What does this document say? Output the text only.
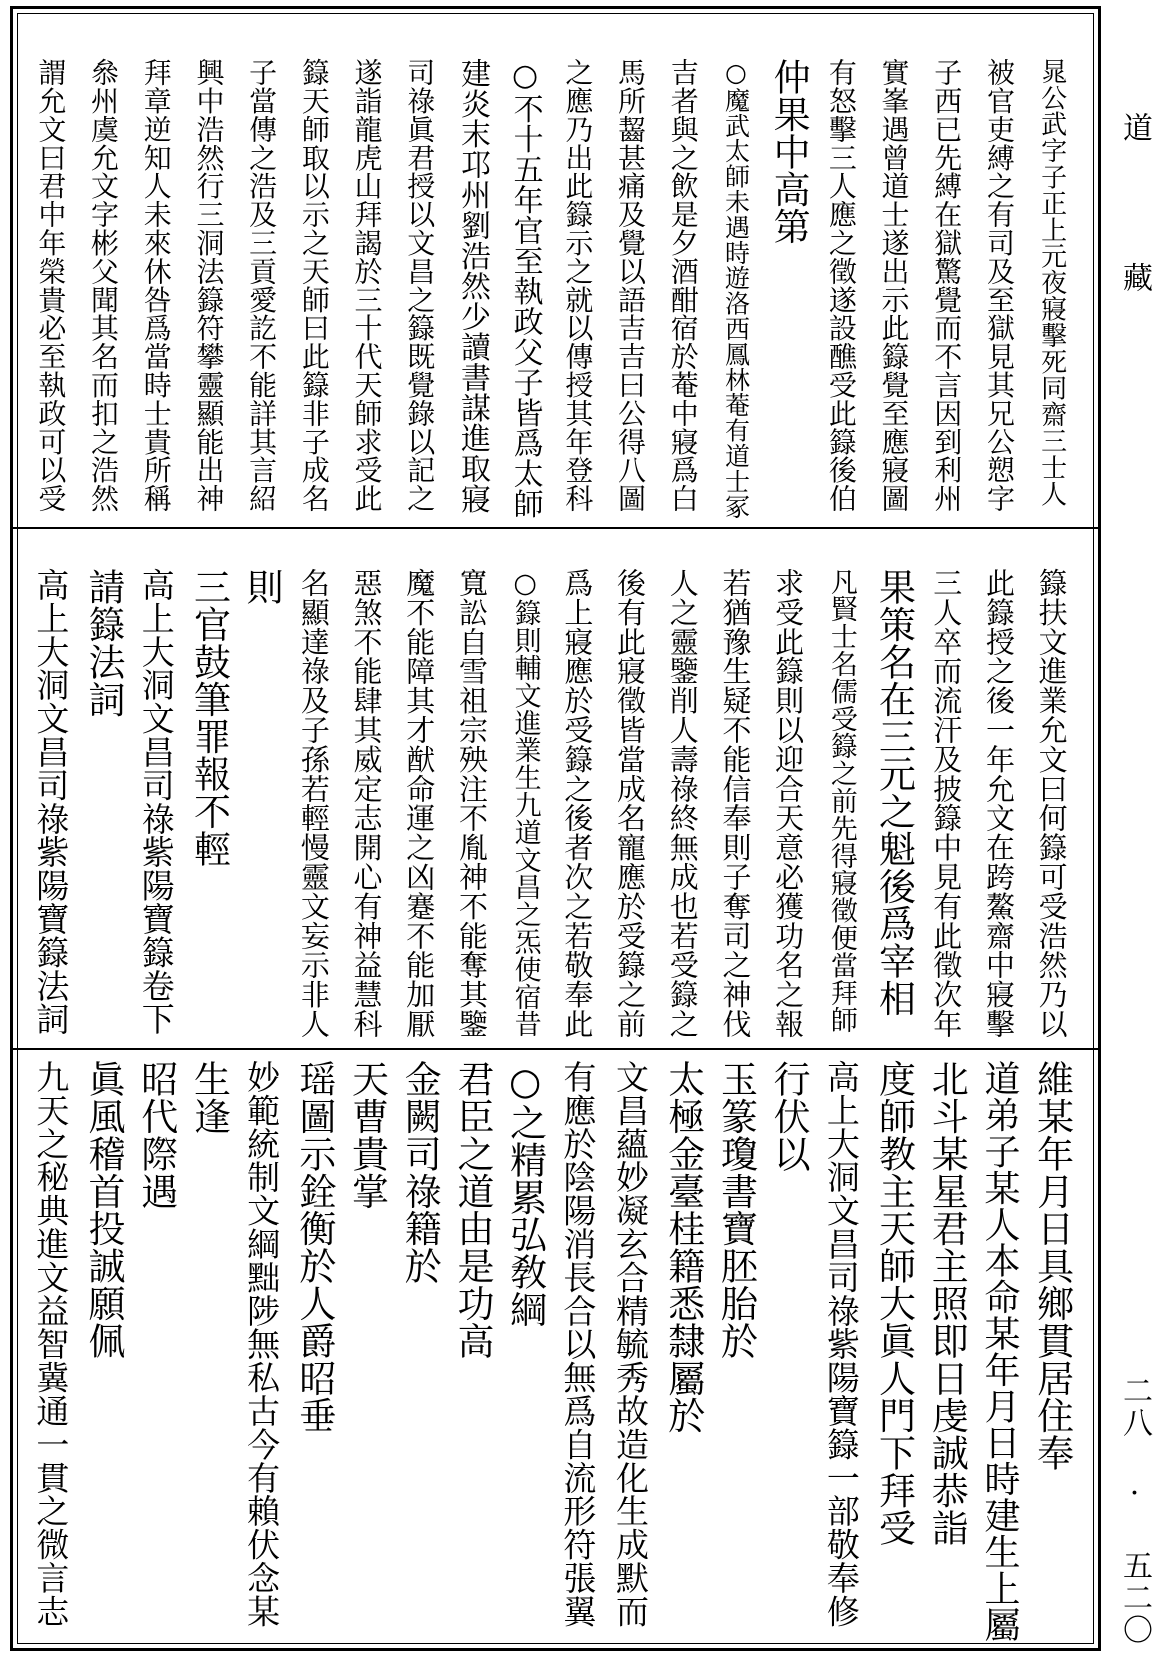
道
藏
二八 · 五二〇
晁公武字子正上元夜寢擊死同齋三士人
被官吏縛之有司及至獄見其兄公愬字
子西已先縛在獄驚覺而不言因到利州
實峯遇曾道士遂出示此籙覺至應寢圖
有怒擊三人應之徵遂設醮受此籙後伯
仲果中高第
○魔武太師未遇時遊洛西鳳林菴有道士冢
吉者與之飲是夕酒酣宿於菴中寢爲白
馬所齧甚痛及覺以語吉吉曰公得八圖
之應乃出此籙示之就以傳授其年登科
○不十五年官至執政父子皆爲太師
建炎末邛州劉浩然少讀書謀進取寢
司祿眞君授以文昌之籙既覺錄以記之
遂詣龍虎山拜謁於三十代天師求受此
籙天師取以示之天師曰此籙非子成名
子當傳之浩及三貢愛訖不能詳其言紹
興中浩然行三洞法籙符攀靈顯能出神
拜章逆知人未來休咎爲當時士貴所稱
叅州虞允文字彬父聞其名而扣之浩然
謂允文曰君中年榮貴必至執政可以受
籙扶文進業允文曰何籙可受浩然乃以
此籙授之後一年允文在跨鰲齋中寢擊
三人卒而流汗及披籙中見有此徵次年
果策名在三元之魁後爲宰相
凡賢士名儒受籙之前先得寢徵便當拜師
求受此籙則以迎合天意必獲功名之報
若猶豫生疑不能信奉則子奪司之神伐
人之靈鑒削人壽祿終無成也若受籙之
後有此寢徵皆當成名寵應於受籙之前
爲上寢應於受籙之後者次之若敬奉此
○籙則輔文進業生九道文昌之炁使宿昔
寬訟自雪祖宗殃注不胤神不能奪其鑒
魔不能障其才猷命運之凶蹇不能加厭
惡煞不能肆其威定志開心有神益慧科
名顯達祿及子孫若輕慢靈文妄示非人
則
三官鼓筆罪報不輕
高上大洞文昌司祿紫陽寶籙卷下
請籙法詞
高上大洞文昌司祿紫陽寶籙法詞
維某年月日具鄉貫居住奉
道弟子某人本命某年月日時建生上屬
北斗某星君主照即日虔誠恭詣
度師教主天師大眞人門下拜受
高上大洞文昌司祿紫陽寶籙一部敬奉修
行伏以
玉篆瓊書寶胚胎於
太極金臺桂籍悉隸屬於
文昌蘊妙凝玄合精毓秀故造化生成默而
有應於陰陽消長合以無爲自流形符張翼
○之精累弘敎綱
君臣之道由是功高
金闕司祿籍於
天曹貴掌
瑶圖示銓衡於人爵昭垂
妙範統制文綱黜陟無私古今有賴伏念某
生逢
昭代際遇
眞風稽首投誠願佩
九天之秘典進文益智冀通一貫之微言志
